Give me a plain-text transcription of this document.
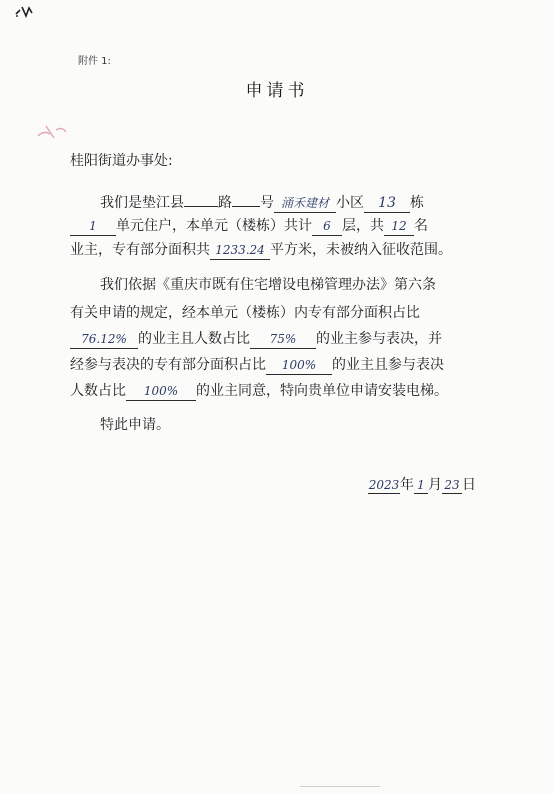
附件 1:
申请书
桂阳街道办事处:
我们是垫江县 路 号 涌禾建材 小区	13	栋
1	单元住户，本单元（楼栋）共计 6 层，共 12 名
业主，专有部分面积共 1233.24 平方米，未被纳入征收范围。
我们依据《重庆市既有住宅增设电梯管理办法》第六条
有关申请的规定，经本单元（楼栋）内专有部分面积占比
76.12% 的业主且人数占比	75%	的业主参与表决，并
经参与表决的专有部分面积占比	100%	的业主且参与表决
人数占比	100%	的业主同意，特向贵单位申请安装电梯。
特此申请。
2023年 1 月 23 日
